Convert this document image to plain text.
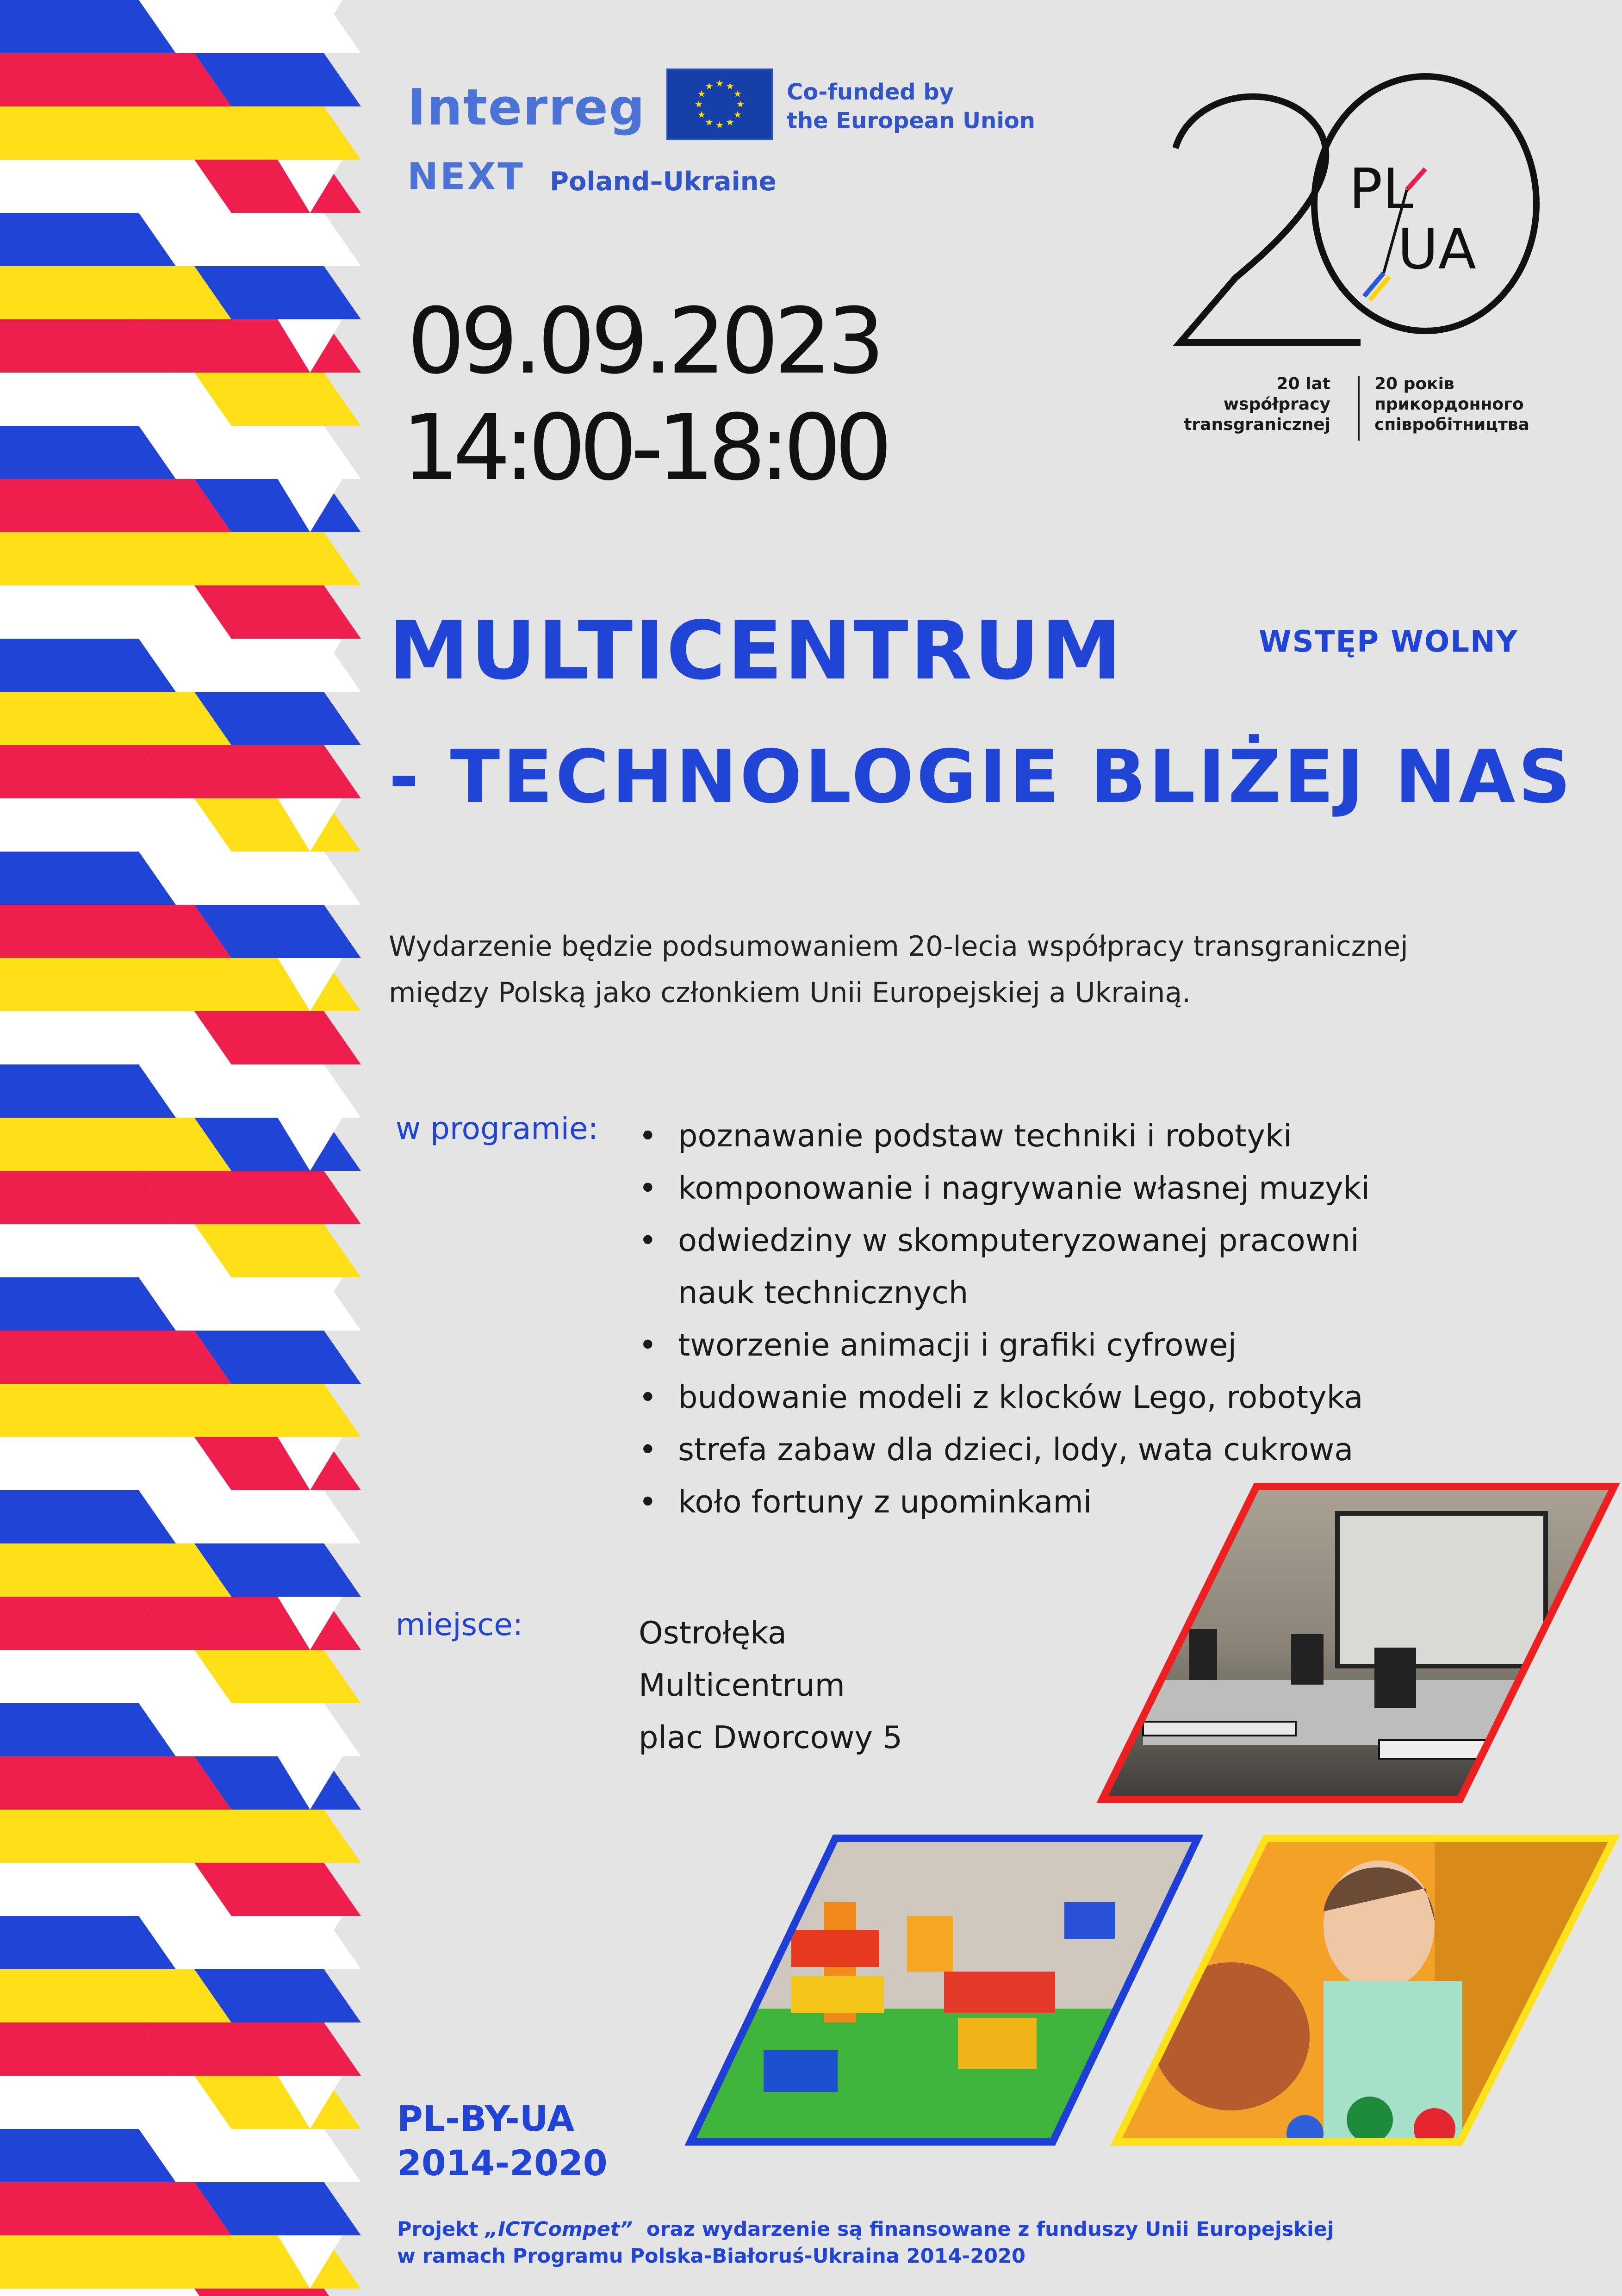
Interreg
NEXT Poland–Ukraine
★ ★
★
★
★
★
★
★
★
★
★
★	Co-funded by
the European Union
PL
UA
20 lat
współpracy
transgranicznej
20 років
прикордонного
співробітництва
09.09.2023
14:00-18:00
MULTICENTRUM
- TECHNOLOGIE BLIŻEJ NAS
WSTĘP WOLNY

Wydarzenie będzie podsumowaniem 20-lecia współpracy transgranicznej
między Polską jako członkiem Unii Europejskiej a Ukrainą.

w programie:
•	poznawanie podstaw techniki i robotyki
• komponowanie i nagrywanie własnej muzyki
• odwiedziny w skomputeryzowanej pracowni nauk technicznych
• tworzenie animacji i grafiki cyfrowej
• budowanie modeli z klocków Lego, robotyka
• strefa zabaw dla dzieci, lody, wata cukrowa
• koło fortuny z upominkami
miejsce:	Ostrołęka
Multicentrum
plac Dworcowy 5
PL-BY-UA
2014-2020
Projekt „ICTCompet”  oraz wydarzenie są finansowane z funduszy Unii Europejskiej
w ramach Programu Polska-Białoruś-Ukraina 2014-2020
